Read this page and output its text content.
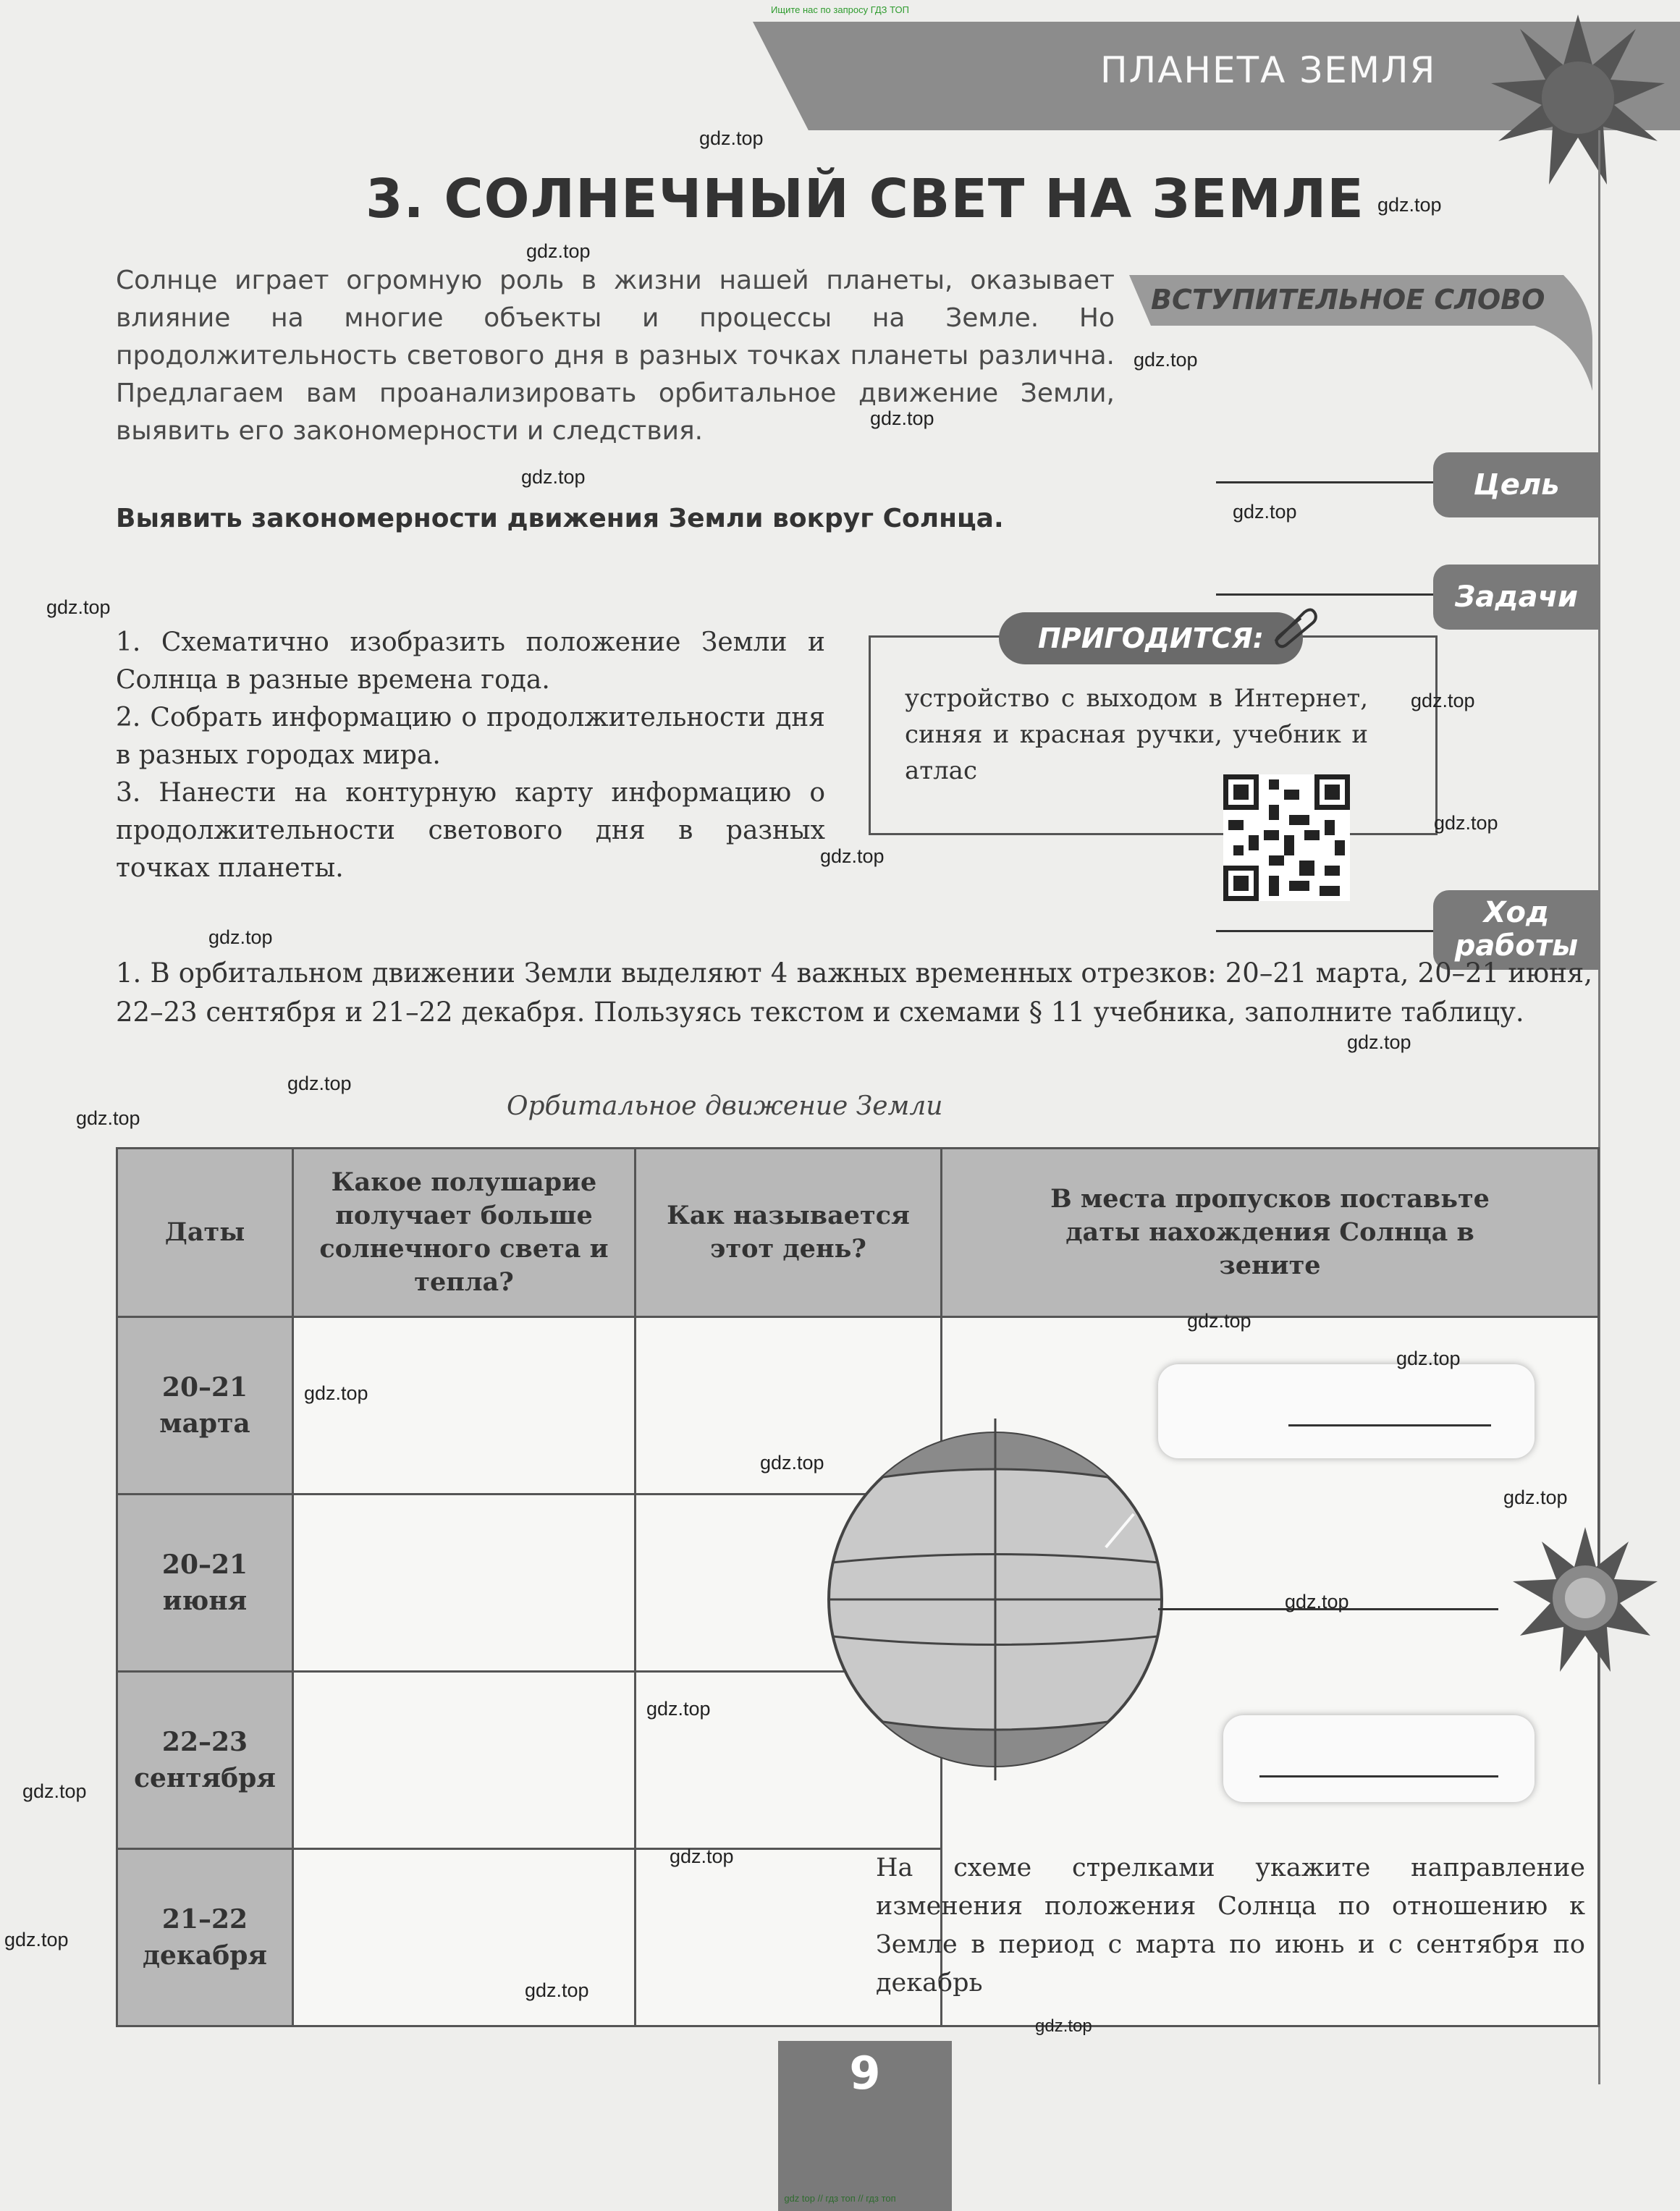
Ищите нас по запросу ГДЗ ТОП
ПЛАНЕТА ЗЕМЛЯ
3. СОЛНЕЧНЫЙ СВЕТ НА ЗЕМЛЕ

Солнце играет огромную роль в жизни нашей планеты, оказывает влияние на многие объекты и процессы на Земле. Но продолжительность светового дня в разных точках планеты различна. Предлагаем вам проанализировать орбитальное движение Земли, выявить его закономерности и следствия.

ВСТУПИТЕЛЬНОЕ СЛОВО
Выявить закономерности движения Земли вокруг Солнца.
Цель
Задачи

1. Схематично изобразить положение Земли и Солнца в разные времена года.

2. Собрать информацию о продолжительности дня в разных городах мира.

3. Нанести на контурную карту информацию о продолжительности светового дня в разных точках планеты.

ПРИГОДИТСЯ:
устройство с выходом в Интернет, синяя и красная ручки, учебник и атлас
Ход
работы
1. В орбитальном движении Земли выделяют 4 важных временных отрезков: 20–21 марта, 20–21 июня, 22–23 сентября и 21–22 декабря. Пользуясь текстом и схемами § 11 учебника, заполните таблицу.
Орбитальное движение Земли
Даты	Какое полушарие получает больше солнечного света и тепла?	Как называется этот день?	В места пропусков поставьте даты нахождения Солнца в зените

20–21
марта			

20–21
июня			

22–23
сентября			

21–22
декабря			

На схеме стрелками укажите направление изменения положения Солнца по отношению к Земле в период с марта по июнь и с сентября по декабрь
9
gdz.top
gdz.top
gdz.top
gdz.top
gdz.top
gdz.top
gdz.top
gdz.top
gdz.top
gdz.top
gdz.top
gdz.top
gdz.top
gdz.top
gdz.top
gdz.top
gdz.top
gdz.top
gdz.top
gdz.top
gdz.top
gdz.top
gdz.top
gdz.top
gdz.top
gdz.top
gdz.top
gdz top // гдз топ // гдз топ
